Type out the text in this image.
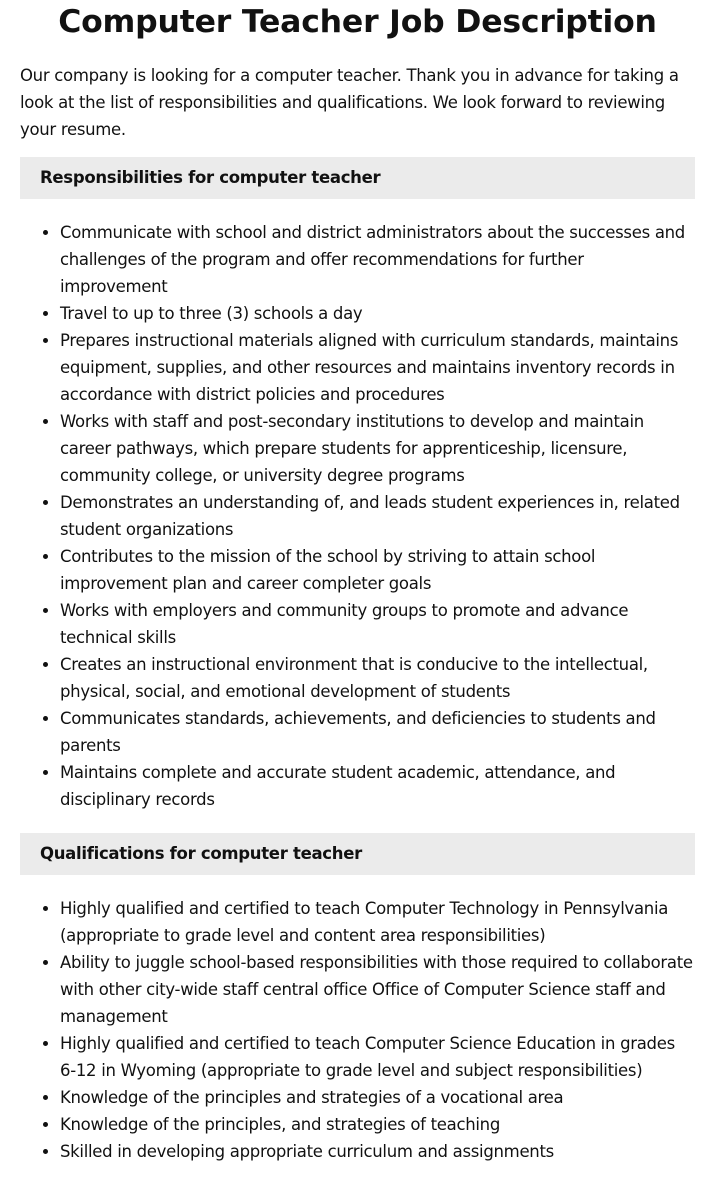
Computer Teacher Job Description

Our company is looking for a computer teacher. Thank you in advance for taking a look at the list of responsibilities and qualifications. We look forward to reviewing your resume.

Responsibilities for computer teacher
• Communicate with school and district administrators about the successes and challenges of the program and offer recommendations for further improvement
• Travel to up to three (3) schools a day
• Prepares instructional materials aligned with curriculum standards, maintains equipment, supplies, and other resources and maintains inventory records in accordance with district policies and procedures
• Works with staff and post-secondary institutions to develop and maintain career pathways, which prepare students for apprenticeship, licensure, community college, or university degree programs
• Demonstrates an understanding of, and leads student experiences in, related student organizations
• Contributes to the mission of the school by striving to attain school improvement plan and career completer goals
• Works with employers and community groups to promote and advance technical skills
• Creates an instructional environment that is conducive to the intellectual, physical, social, and emotional development of students
• Communicates standards, achievements, and deficiencies to students and parents
• Maintains complete and accurate student academic, attendance, and disciplinary records
Qualifications for computer teacher
• Highly qualified and certified to teach Computer Technology in Pennsylvania (appropriate to grade level and content area responsibilities)
• Ability to juggle school-based responsibilities with those required to collaborate with other city-wide staff central office Office of Computer Science staff and management
• Highly qualified and certified to teach Computer Science Education in grades 6-12 in Wyoming (appropriate to grade level and subject responsibilities)
• Knowledge of the principles and strategies of a vocational area
• Knowledge of the principles, and strategies of teaching
• Skilled in developing appropriate curriculum and assignments
